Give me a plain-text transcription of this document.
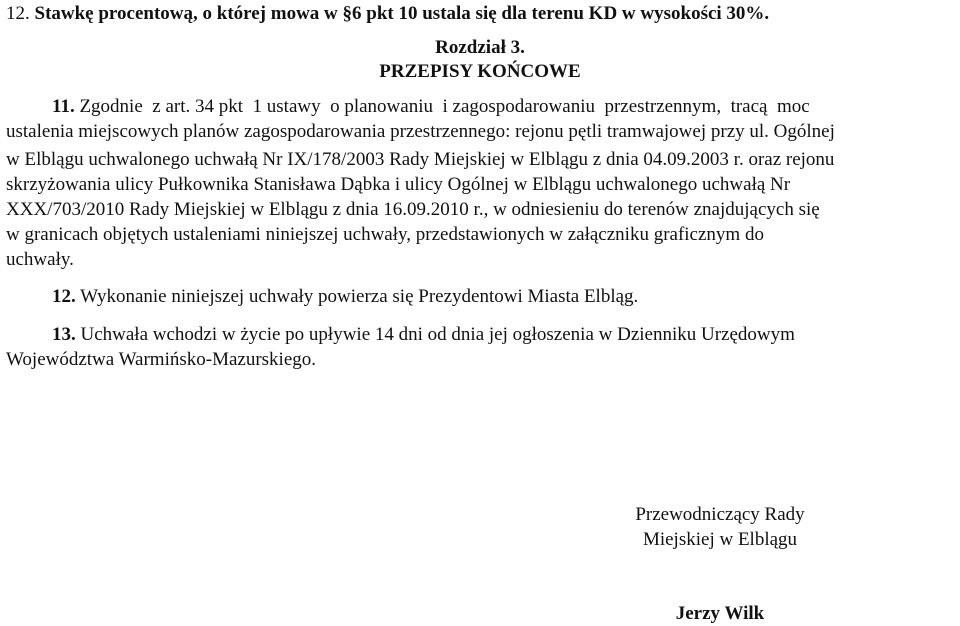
12. Stawkę procentową, o której mowa w §6 pkt 10 ustala się dla terenu KD w wysokości 30%.
Rozdział 3.
PRZEPISY KOŃCOWE
11. Zgodnie  z art. 34 pkt  1 ustawy  o planowaniu  i zagospodarowaniu  przestrzennym,  tracą  moc
ustalenia miejscowych planów zagospodarowania przestrzennego: rejonu pętli tramwajowej przy ul. Ogólnej
w Elblągu uchwalonego uchwałą Nr IX/178/2003 Rady Miejskiej w Elblągu z dnia 04.09.2003 r. oraz rejonu
skrzyżowania ulicy Pułkownika Stanisława Dąbka i ulicy Ogólnej w Elblągu uchwalonego uchwałą Nr
XXX/703/2010 Rady Miejskiej w Elblągu z dnia 16.09.2010 r., w odniesieniu do terenów znajdujących się
w granicach objętych ustaleniami niniejszej uchwały, przedstawionych w załączniku graficznym do
uchwały.
12. Wykonanie niniejszej uchwały powierza się Prezydentowi Miasta Elbląg.
13. Uchwała wchodzi w życie po upływie 14 dni od dnia jej ogłoszenia w Dzienniku Urzędowym
Województwa Warmińsko-Mazurskiego.
Przewodniczący Rady
Miejskiej w Elblągu
Jerzy Wilk
